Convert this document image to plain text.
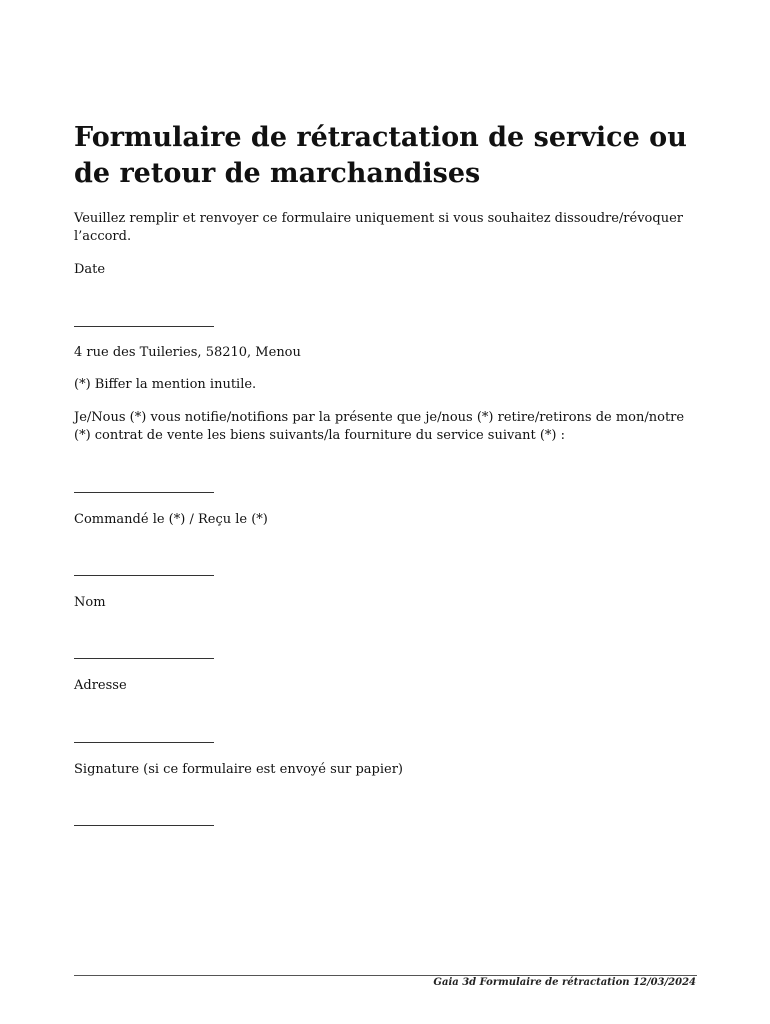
Formulaire de rétractation de service ou de retour de marchandises

Veuillez remplir et renvoyer ce formulaire uniquement si vous souhaitez dissoudre/révoquer l’accord.

Date

4 rue des Tuileries, 58210, Menou

(*) Biffer la mention inutile.

Je/Nous (*) vous notifie/notifions par la présente que je/nous (*) retire/retirons de mon/notre (*) contrat de vente les biens suivants/la fourniture du service suivant (*) :

Commandé le (*) / Reçu le (*)

Nom

Adresse

Signature (si ce formulaire est envoyé sur papier)

Gaia 3d Formulaire de rétractation 12/03/2024
